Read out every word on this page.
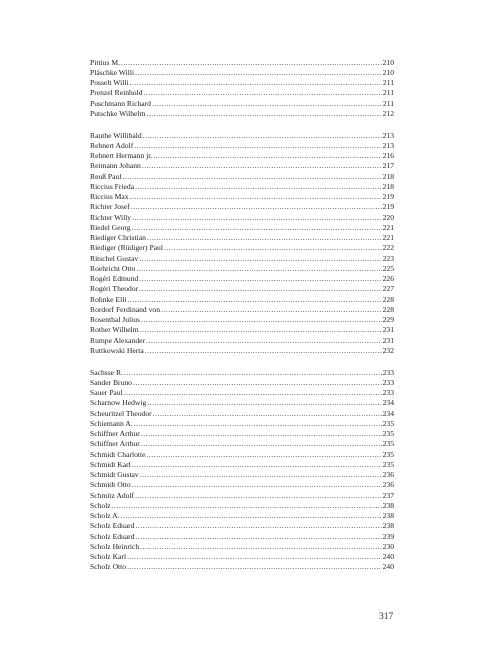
Pittius M. .....	210
Pläschke Willi .....	210
Posselt Willi .....	211
Prenzel Reinhold .....	211
Puschmann Richard .....	211
Putschke Wilhelm .....	212
Rauthe Willibald .....	213
Rehnert Adolf .....	213
Rehnert Hermann jr. .....	216
Reimann Johann .....	217
Reuß Paul .....	218
Riccius Frieda .....	218
Riccius Max .....	219
Richter Josef .....	219
Richter Willy .....	220
Riedel Georg .....	221
Riediger Christian .....	221
Riediger (Rüdiger) Paul .....	222
Ritschel Gustav .....	223
Roehricht Otto .....	225
Rogéri Edmund .....	226
Rogéri Theodor .....	227
Rohnke Elli .....	228
Rordorf Ferdinand von .....	228
Rosenthal Julius .....	229
Rother Wilhelm .....	231
Rumpe Alexander .....	231
Ruttkowski Herta .....	232
Sachsse R. .....	233
Sander Bruno .....	233
Sauer Paul .....	233
Scharnow Hedwig .....	234
Scheuritzel Theodor .....	234
Schiemann A. .....	235
Schiffner Arthur .....	235
Schiffner Arthur .....	235
Schmidt Charlotte .....	235
Schmidt Karl .....	235
Schmidt Gustav .....	236
Schmidt Otto .....	236
Schmitz Adolf .....	237
Scholz .....	238
Scholz A. .....	238
Scholz Eduard .....	238
Scholz Eduard .....	239
Scholz Heinrich .....	230
Scholz Karl .....	240
Scholz Otto .....	240
317
